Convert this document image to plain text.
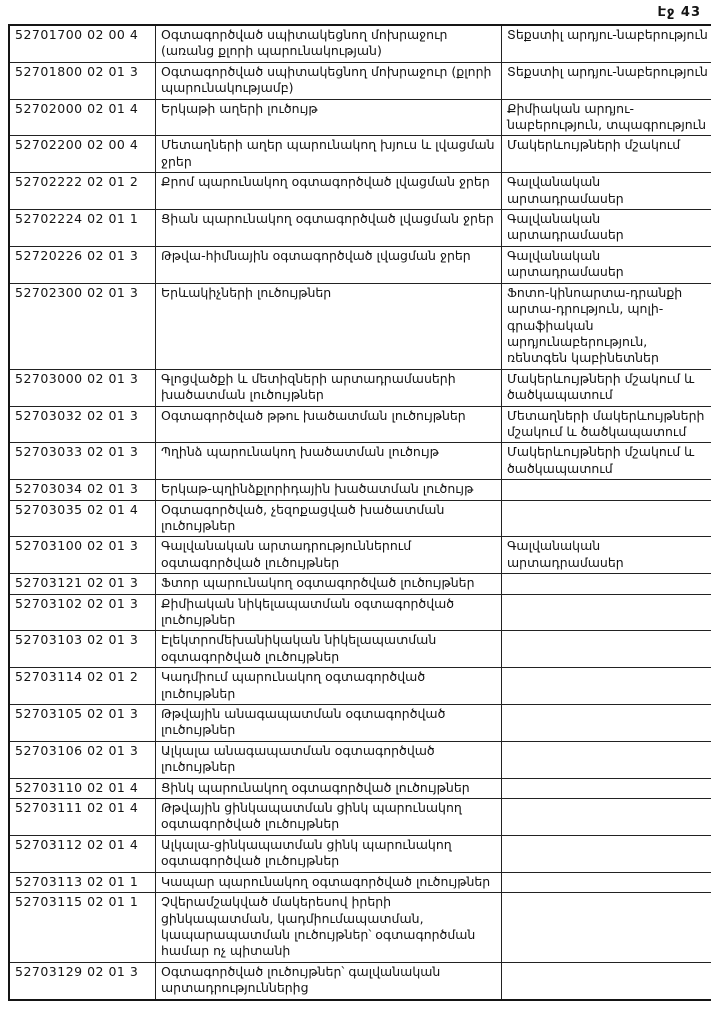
Էջ 43
52701700 02 00 4	Օգտագործված սպիտակեցնող մոխրաջուր (առանց քլորի պարունակության)	Տեքստիլ արդյու-նաբերություն
52701800 02 01 3	Օգտագործված սպիտակեցնող մոխրաջուր (քլորի պարունակությամբ)	Տեքստիլ արդյու-նաբերություն
52702000 02 01 4	Երկաթի աղերի լուծույթ	Քիմիական արդյու-նաբերություն, տպագրություն
52702200 02 00 4	Մետաղների աղեր պարունակող խյուս և լվացման ջրեր	Մակերևույթների մշակում
52702222 02 01 2	Քրոմ պարունակող օգտագործված լվացման ջրեր	Գալվանական արտադրամասեր
52702224 02 01 1	Ցիան պարունակող օգտագործված լվացման ջրեր	Գալվանական արտադրամասեր
52720226 02 01 3	Թթվա-հիմնային օգտագործված լվացման ջրեր	Գալվանական արտադրամասեր
52702300 02 01 3	Երևակիչների լուծույթներ	Ֆոտո-կինոարտա-դրանքի արտա-դրություն, պոլի-գրաֆիական արդյունաբերություն, ռենտգեն կաբինետներ
52703000 02 01 3	Գլոցվածքի և մետիզների արտադրամասերի խածատման լուծույթներ	Մակերևույթների մշակում և ծածկապատում
52703032 02 01 3	Օգտագործված թթու խածատման լուծույթներ	Մետաղների մակերևույթների մշակում և ծածկապատում
52703033 02 01 3	Պղինձ պարունակող խածատման լուծույթ	Մակերևույթների մշակում և ծածկապատում
52703034 02 01 3	Երկաթ-պղինձքլորիդային խածատման լուծույթ	
52703035 02 01 4	Օգտագործված, չեզոքացված խածատման լուծույթներ	
52703100 02 01 3	Գալվանական արտադրություններում օգտագործված լուծույթներ	Գալվանական արտադրամասեր
52703121 02 01 3	Ֆտոր պարունակող օգտագործված լուծույթներ	
52703102 02 01 3	Քիմիական նիկելապատման օգտագործված լուծույթներ	
52703103 02 01 3	Էլեկտրոմեխանիկական նիկելապատման օգտագործված լուծույթներ	
52703114 02 01 2	Կադմիում պարունակող օգտագործված լուծույթներ	
52703105 02 01 3	Թթվային անագապատման օգտագործված լուծույթներ	
52703106 02 01 3	Ալկալա անագապատման օգտագործված լուծույթներ	
52703110 02 01 4	Ցինկ պարունակող օգտագործված լուծույթներ	
52703111 02 01 4	Թթվային ցինկապատման ցինկ պարունակող օգտագործված լուծույթներ	
52703112 02 01 4	Ալկալա-ցինկապատման ցինկ պարունակող օգտագործված լուծույթներ	
52703113 02 01 1	Կապար պարունակող օգտագործված լուծույթներ	
52703115 02 01 1	Չվերամշակված մակերեսով իրերի ցինկապատման, կադմիումապատման, կապարապատման լուծույթներ՝ օգտագործման համար ոչ պիտանի	
52703129 02 01 3	Օգտագործված լուծույթներ՝ գալվանական արտադրություններից	
